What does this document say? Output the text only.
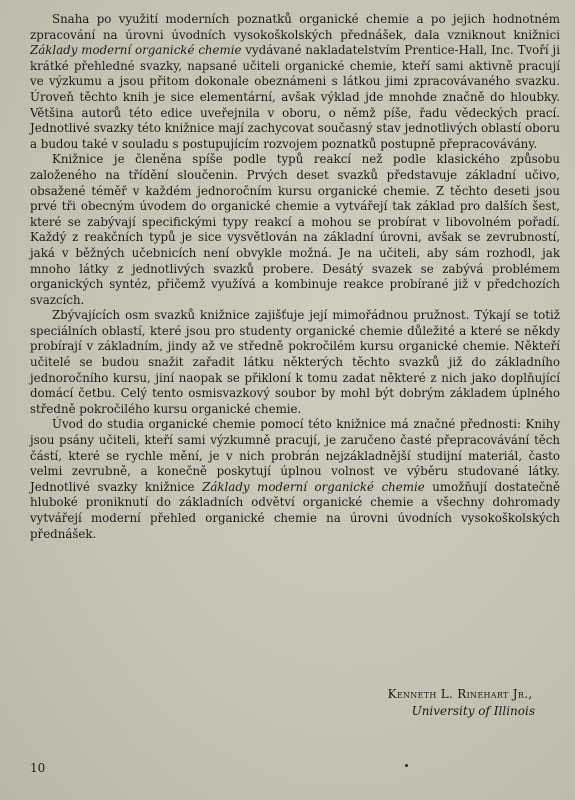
Snaha po využití moderních poznatků organické chemie a po jejich hodnotném zpracování na úrovni úvodních vysokoškolských přednášek, dala vzniknout knižnici Základy moderní organické chemie vydávané nakladatelstvím Prentice-Hall, Inc. Tvoří ji krátké přehledné svazky, napsané učiteli organické chemie, kteří sami aktivně pracují ve výzkumu a jsou přitom dokonale obeznámeni s látkou jimi zpracovávaného svazku. Úroveň těchto knih je sice elementární, avšak výklad jde mnohde značně do hloubky. Většina autorů této edice uveřejnila v oboru, o němž píše, řadu vědeckých prací. Jednotlivé svazky této knižnice mají zachycovat současný stav jednotlivých oblastí oboru a budou také v souladu s postupujícím rozvojem poznatků postupně přepracovávány.

Knižnice je členěna spíše podle typů reakcí než podle klasického způsobu založeného na třídění sloučenin. Prvých deset svazků představuje základní učivo, obsažené téměř v každém jednoročním kursu organické chemie. Z těchto deseti jsou prvé tři obecným úvodem do organické chemie a vytvářejí tak základ pro dalších šest, které se zabývají specifickými typy reakcí a mohou se probírat v libovolném pořadí. Každý z reakčních typů je sice vysvětlován na základní úrovni, avšak se zevrubností, jaká v běžných učebnicích není obvykle možná. Je na učiteli, aby sám rozhodl, jak mnoho látky z jednotlivých svazků probere. Desátý svazek se zabývá problémem organických syntéz, přičemž využívá a kombinuje reakce probírané již v předchozích svazcích.

Zbývajících osm svazků knižnice zajišťuje její mimořádnou pružnost. Týkají se totiž speciálních oblastí, které jsou pro studenty organické chemie důležité a které se někdy probírají v základním, jindy až ve středně pokročilém kursu organické chemie. Někteří učitelé se budou snažit zařadit látku některých těchto svazků již do základního jednoročního kursu, jiní naopak se přikloní k tomu zadat některé z nich jako doplňující domácí četbu. Celý tento osmisvazkový soubor by mohl být dobrým základem úplného středně pokročilého kursu organické chemie.

Úvod do studia organické chemie pomocí této knižnice má značné přednosti: Knihy jsou psány učiteli, kteří sami výzkumně pracují, je zaručeno časté přepracovávání těch částí, které se rychle mění, je v nich probrán nejzákladnější studijní materiál, často velmi zevrubně, a konečně poskytují úplnou volnost ve výběru studované látky. Jednotlivé svazky knižnice Základy moderní organické chemie umožňují dostatečně hluboké proniknutí do základních odvětví organické chemie a všechny dohromady vytvářejí moderní přehled organické chemie na úrovni úvodních vysokoškolských přednášek.

Kenneth L. Rinehart Jr.,
University of Illinois
10
